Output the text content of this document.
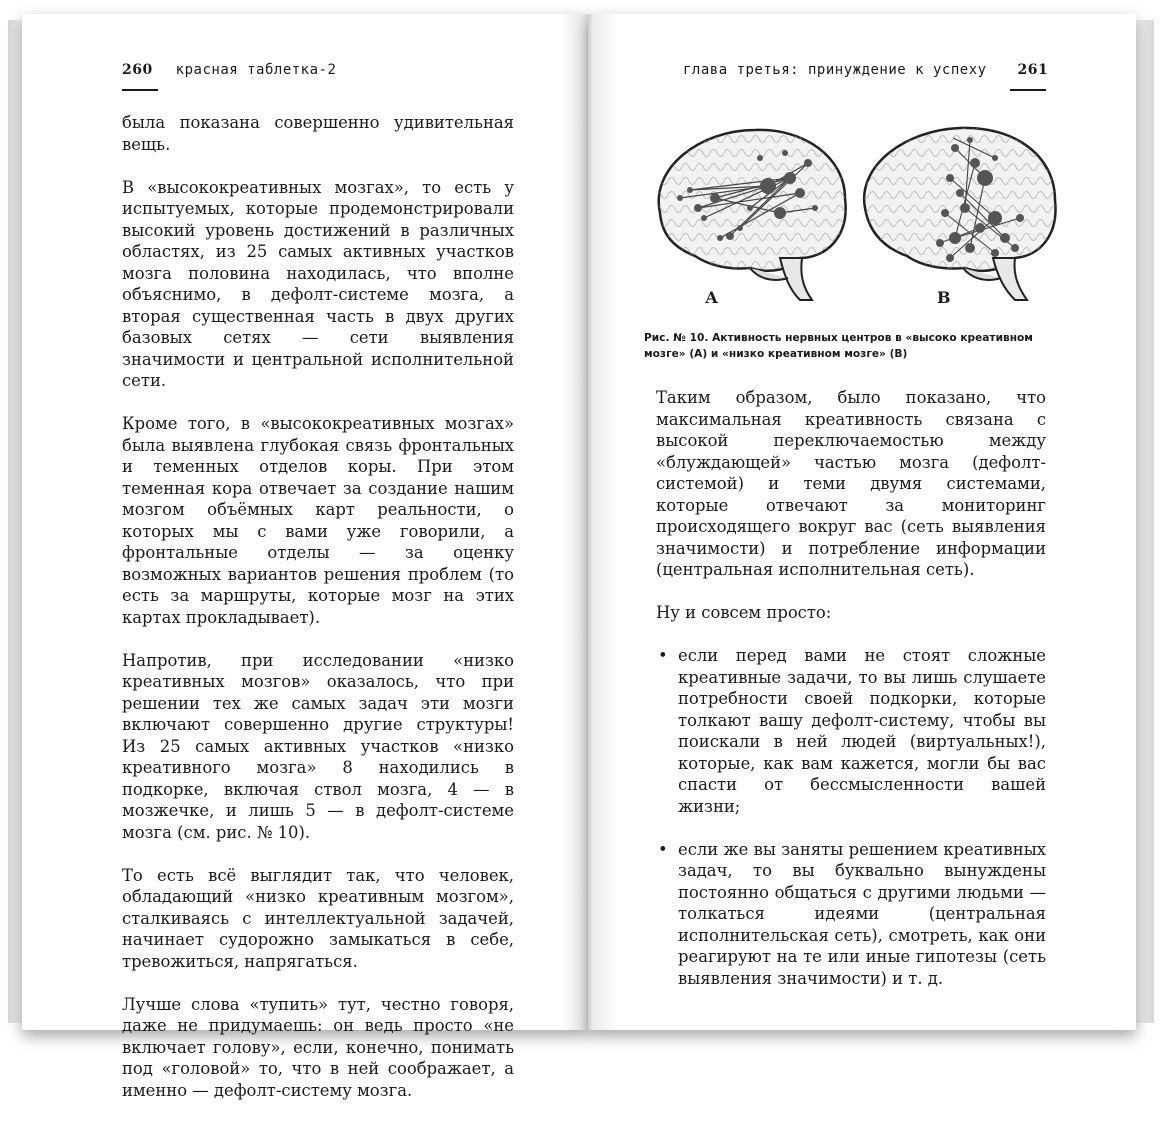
260 красная таблетка-2

была показана совершенно удивительная вещь.

В «высококреативных мозгах», то есть у испытуемых, которые продемонстрировали высокий уровень достижений в различных областях, из 25 самых активных участков мозга половина находилась, что вполне объяснимо, в дефолт-системе мозга, а вторая существенная часть в двух других базовых сетях — сети выявления значимости и центральной исполнительной сети.

Кроме того, в «высококреативных мозгах» была выявлена глубокая связь фронтальных и теменных отделов коры. При этом теменная кора отвечает за создание нашим мозгом объёмных карт реальности, о которых мы с вами уже говорили, а фронтальные отделы — за оценку возможных вариантов решения проблем (то есть за маршруты, которые мозг на этих картах прокладывает).

Напротив, при исследовании «низко креативных мозгов» оказалось, что при решении тех же самых задач эти мозги включают совершенно другие структуры! Из 25 самых активных участков «низко креативного мозга» 8 находились в подкорке, включая ствол мозга, 4 — в мозжечке, и лишь 5 — в дефолт-системе мозга (см. рис. № 10).

То есть всё выглядит так, что человек, обладающий «низко креативным мозгом», сталкиваясь с интеллектуальной задачей, начинает судорожно замыкаться в себе, тревожиться, напрягаться.

Лучше слова «тупить» тут, честно говоря, даже не придумаешь: он ведь просто «не включает голову», если, конечно, понимать под «головой» то, что в ней соображает, а именно — дефолт-систему мозга.

глава третья: принуждение к успеху 261
А	В
Рис. № 10. Активность нервных центров в «высоко креативном мозге» (А) и «низко креативном мозге» (В)

Таким образом, было показано, что максимальная креативность связана с высокой переключаемостью между «блуждающей» частью мозга (дефолт-системой) и теми двумя системами, которые отвечают за мониторинг происходящего вокруг вас (сеть выявления значимости) и потребление информации (центральная исполнительная сеть).

Ну и совсем просто:

• если перед вами не стоят сложные креативные задачи, то вы лишь слушаете потребности своей подкорки, которые толкают вашу дефолт-систему, чтобы вы поискали в ней людей (виртуальных!), которые, как вам кажется, могли бы вас спасти от бессмысленности вашей жизни;
• если же вы заняты решением креативных задач, то вы буквально вынуждены постоянно общаться с другими людьми — толкаться идеями (центральная исполнительская сеть), смотреть, как они реагируют на те или иные гипотезы (сеть выявления значимости) и т. д.
